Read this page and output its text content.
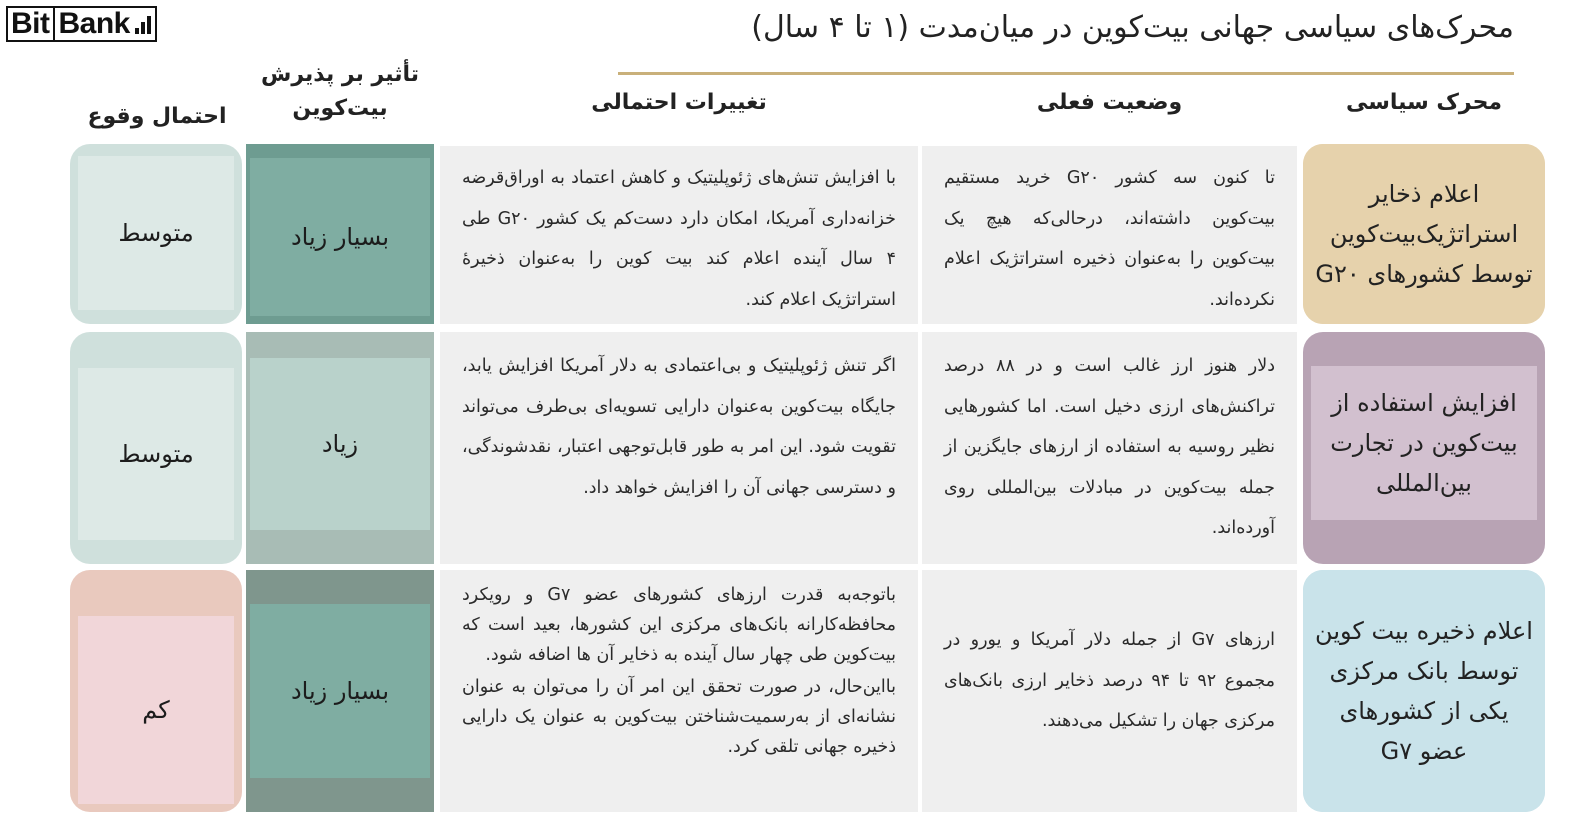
Bit Bank	محرک‌های سیاسی جهانی بیت‌کوین در میان‌مدت (۱ تا ۴ سال)
محرک سیاسی
وضعیت فعلی
تغییرات احتمالی
تأثیر بر پذیرش بیت‌کوین
احتمال وقوع
اعلام ذخایر استراتژیک‌بیت‌کوین توسط کشورهای G۲۰
تا کنون سه کشور G۲۰ خرید مستقیم بیت‌کوین داشته‌اند، درحالی‌که هیچ یک بیت‌کوین را به‌عنوان ذخیره استراتژیک اعلام نکرده‌اند.
با افزایش تنش‌های ژئوپلیتیک و کاهش اعتماد به اوراق‌قرضه خزانه‌داری آمریکا، امکان دارد دست‌کم یک کشور G۲۰ طی ۴ سال آینده اعلام کند بیت کوین را به‌عنوان ذخیرهٔ استراتژیک اعلام کند.
بسیار زیاد
متوسط
افزایش استفاده از بیت‌کوین در تجارت بین‌المللی
دلار هنوز ارز غالب است و در ۸۸ درصد تراکنش‌های ارزی دخیل است. اما کشورهایی نظیر روسیه به استفاده از ارزهای جایگزین از جمله بیت‌کوین در مبادلات بین‌المللی روی آورده‌اند.
اگر تنش ژئوپلیتیک و بی‌اعتمادی به دلار آمریکا افزایش یابد، جایگاه بیت‌کوین به‌عنوان دارایی تسویه‌ای بی‌طرف می‌تواند تقویت شود. این امر به طور قابل‌توجهی اعتبار، نقدشوندگی، و دسترسی جهانی آن را افزایش خواهد داد.
زیاد
متوسط
اعلام ذخیره بیت کوین توسط بانک مرکزی یکی از کشورهای عضو G۷
ارزهای G۷ از جمله دلار آمریکا و یورو در مجموع ۹۲ تا ۹۴ درصد ذخایر ارزی بانک‌های مرکزی جهان را تشکیل می‌دهند.
باتوجه‌به قدرت ارزهای کشورهای عضو G۷ و رویکرد محافظه‌کارانه بانک‌های مرکزی این کشورها، بعید است که بیت‌کوین طی چهار سال آینده به ذخایر آن ها اضافه شود.
بااین‌حال، در صورت تحقق این امر آن را می‌توان به عنوان نشانه‌ای از به‌رسمیت‌شناختن بیت‌کوین به عنوان یک دارایی ذخیره جهانی تلقی کرد.
بسیار زیاد
کم
